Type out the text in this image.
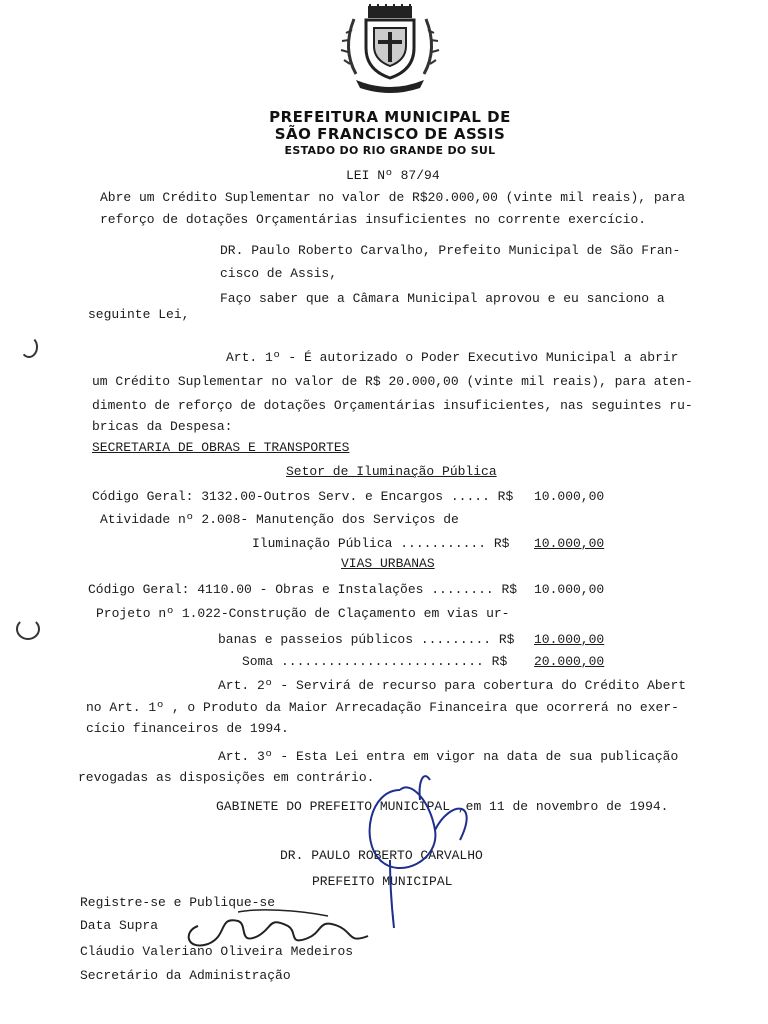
PREFEITURA MUNICIPAL DE
SÃO FRANCISCO DE ASSIS
ESTADO DO RIO GRANDE DO SUL
LEI Nº 87/94
Abre um Crédito Suplementar no valor de R$20.000,00 (vinte mil reais), para
reforço de dotações Orçamentárias insuficientes no corrente exercício.
DR. Paulo Roberto Carvalho, Prefeito Municipal de São Fran-
cisco de Assis,
Faço saber que a Câmara Municipal aprovou e eu sanciono a
seguinte Lei,
Art. 1º - É autorizado o Poder Executivo Municipal a abrir
um Crédito Suplementar no valor de R$ 20.000,00 (vinte mil reais), para aten-
dimento de reforço de dotações Orçamentárias insuficientes, nas seguintes ru-
bricas da Despesa:
SECRETARIA DE OBRAS E TRANSPORTES
Setor de Iluminação Pública
Código Geral: 3132.00-Outros Serv. e Encargos ..... R$ 10.000,00
Atividade nº 2.008- Manutenção dos Serviços de
Iluminação Pública ........... R$ 10.000,00
VIAS URBANAS
Código Geral: 4110.00 - Obras e Instalações ........ R$ 10.000,00
Projeto nº 1.022-Construção de Claçamento em vias ur-
banas e passeios públicos ......... R$ 10.000,00
Soma .......................... R$ 20.000,00
Art. 2º - Servirá de recurso para cobertura do Crédito Abert
no Art. 1º , o Produto da Maior Arrecadação Financeira que ocorrerá no exer-
cício financeiros de 1994.
Art. 3º - Esta Lei entra em vigor na data de sua publicação
revogadas as disposições em contrário.
GABINETE DO PREFEITO MUNICIPAL ,em 11 de novembro de 1994.
DR. PAULO ROBERTO CARVALHO
PREFEITO MUNICIPAL
Registre-se e Publique-se
Data Supra
Cláudio Valeriano Oliveira Medeiros
Secretário da Administração
